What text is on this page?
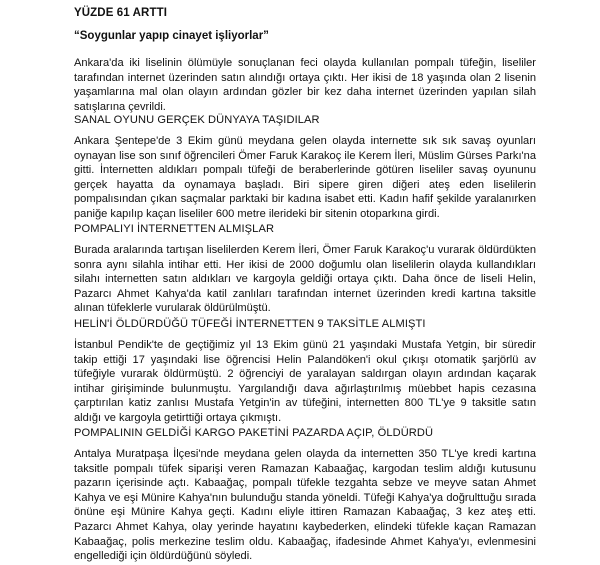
YÜZDE 61 ARTTI
“Soygunlar yapıp cinayet işliyorlar”
Ankara'da iki liselinin ölümüyle sonuçlanan feci olayda kullanılan pompalı tüfeğin, liseliler tarafından internet üzerinden satın alındığı ortaya çıktı. Her ikisi de 18 yaşında olan 2 lisenin yaşamlarına mal olan olayın ardından gözler bir kez daha internet üzerinden yapılan silah satışlarına çevrildi.
SANAL OYUNU GERÇEK DÜNYAYA TAŞIDILAR
Ankara Şentepe'de 3 Ekim günü meydana gelen olayda internette sık sık savaş oyunları oynayan lise son sınıf öğrencileri Ömer Faruk Karakoç ile Kerem İleri, Müslim Gürses Parkı'na gitti. İnternetten aldıkları pompalı tüfeği de beraberlerinde götüren liseliler savaş oyununu gerçek hayatta da oynamaya başladı. Biri sipere giren diğeri ateş eden liselilerin pompalısından çıkan saçmalar parktaki bir kadına isabet etti. Kadın hafif şekilde yaralanırken paniğe kapılıp kaçan liseliler 600 metre ilerideki bir sitenin otoparkına girdi.
POMPALIYI İNTERNETTEN ALMIŞLAR
Burada aralarında tartışan liselilerden Kerem İleri, Ömer Faruk Karakoç'u vurarak öldürdükten sonra aynı silahla intihar etti. Her ikisi de 2000 doğumlu olan liselilerin olayda kullandıkları silahı internetten satın aldıkları ve kargoyla geldiği ortaya çıktı. Daha önce de liseli Helin, Pazarcı Ahmet Kahya'da katil zanlıları tarafından internet üzerinden kredi kartına taksitle alınan tüfeklerle vurularak öldürülmüştü.
HELİN'İ ÖLDÜRDÜĞÜ TÜFEĞİ İNTERNETTEN 9 TAKSİTLE ALMIŞTI
İstanbul Pendik'te de geçtiğimiz yıl 13 Ekim günü 21 yaşındaki Mustafa Yetgin, bir süredir takip ettiği 17 yaşındaki lise öğrencisi Helin Palandöken'i okul çıkışı otomatik şarjörlü av tüfeğiyle vurarak öldürmüştü. 2 öğrenciyi de yaralayan saldırgan olayın ardından kaçarak intihar girişiminde bulunmuştu. Yargılandığı dava ağırlaştırılmış müebbet hapis cezasına çarptırılan katiz zanlısı Mustafa Yetgin'in av tüfeğini, internetten 800 TL'ye 9 taksitle satın aldığı ve kargoyla getirttiği ortaya çıkmıştı.
POMPALININ GELDİĞİ KARGO PAKETİNİ PAZARDA AÇIP, ÖLDÜRDÜ
Antalya Muratpaşa İlçesi'nde meydana gelen olayda da internetten 350 TL'ye kredi kartına taksitle pompalı tüfek siparişi veren Ramazan Kabaağaç, kargodan teslim aldığı kutusunu pazarın içerisinde açtı. Kabaağaç, pompalı tüfekle tezgahta sebze ve meyve satan Ahmet Kahya ve eşi Münire Kahya'nın bulunduğu standa yöneldi. Tüfeği Kahya'ya doğrulttuğu sırada önüne eşi Münire Kahya geçti. Kadını eliyle ittiren Ramazan Kabaağaç, 3 kez ateş etti. Pazarcı Ahmet Kahya, olay yerinde hayatını kaybederken, elindeki tüfekle kaçan Ramazan Kabaağaç, polis merkezine teslim oldu. Kabaağaç, ifadesinde Ahmet Kahya'yı, evlenmesini engellediği için öldürdüğünü söyledi.
